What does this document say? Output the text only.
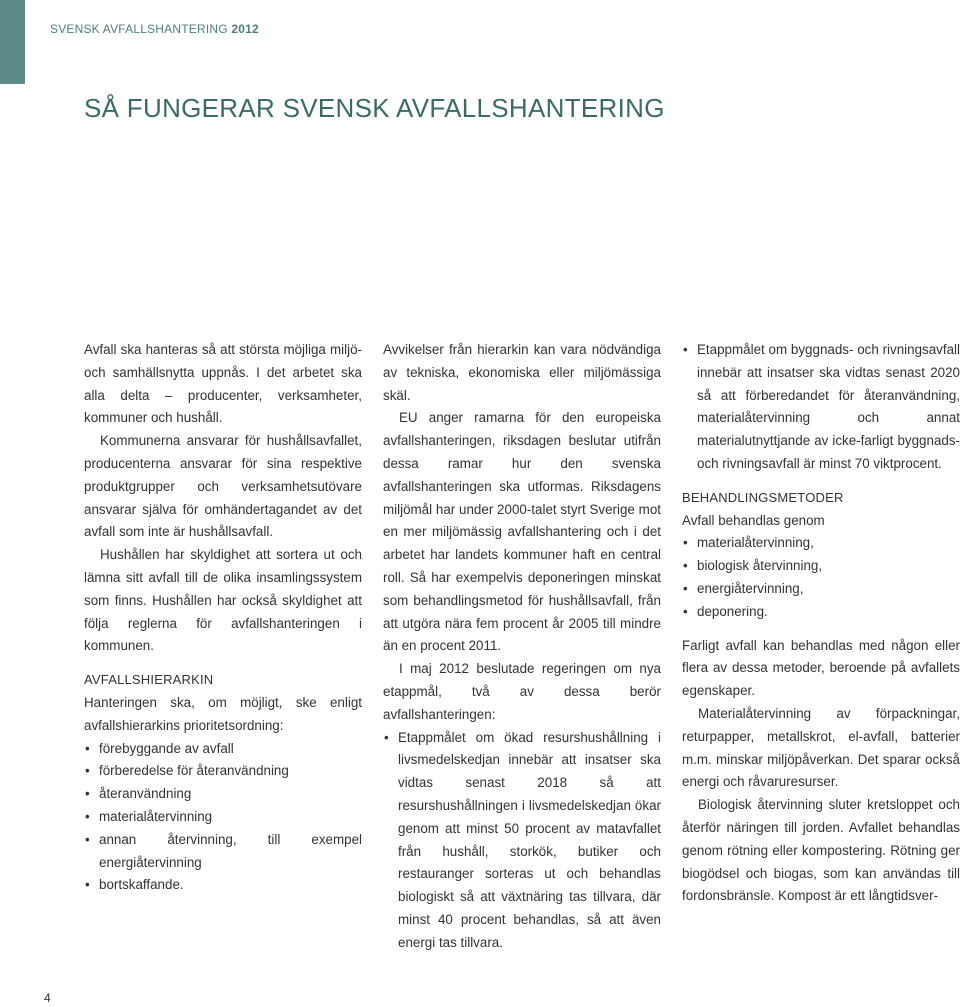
SVENSK AVFALLSHANTERING 2012
SÅ FUNGERAR SVENSK AVFALLSHANTERING

Avfall ska hanteras så att största möjliga miljö- och samhällsnytta uppnås. I det arbetet ska alla delta – producenter, verksamheter, kommuner och hushåll.

Kommunerna ansvarar för hushållsavfallet, producenterna ansvarar för sina respektive produktgrupper och verksamhetsutövare ansvarar själva för omhändertagandet av det avfall som inte är hushållsavfall.

Hushållen har skyldighet att sortera ut och lämna sitt avfall till de olika insamlingssystem som finns. Hushållen har också skyldighet att följa reglerna för avfallshanteringen i kommunen.

AVFALLSHIERARKIN

Hanteringen ska, om möjligt, ske enligt avfallshierarkins prioritetsordning:

• förebyggande av avfall
• förberedelse för återanvändning
• återanvändning
• materialåtervinning
• annan återvinning, till exempel energiåtervinning
• bortskaffande.

Avvikelser från hierarkin kan vara nödvändiga av tekniska, ekonomiska eller miljömässiga skäl.

EU anger ramarna för den europeiska avfallshanteringen, riksdagen beslutar utifrån dessa ramar hur den svenska avfallshanteringen ska utformas. Riksdagens miljömål har under 2000-talet styrt Sverige mot en mer miljömässig avfallshantering och i det arbetet har landets kommuner haft en central roll. Så har exempelvis deponeringen minskat som behandlingsmetod för hushållsavfall, från att utgöra nära fem procent år 2005 till mindre än en procent 2011.

I maj 2012 beslutade regeringen om nya etappmål, två av dessa berör avfallshanteringen:

• Etappmålet om ökad resurshushållning i livsmedelskedjan innebär att insatser ska vidtas senast 2018 så att resurshushållningen i livsmedelskedjan ökar genom att minst 50 procent av matavfallet från hushåll, storkök, butiker och restauranger sorteras ut och behandlas biologiskt så att växtnäring tas tillvara, där minst 40 procent behandlas, så att även energi tas tillvara.
• Etappmålet om byggnads- och rivningsavfall innebär att insatser ska vidtas senast 2020 så att förberedandet för återanvändning, materialåtervinning och annat materialutnyttjande av icke-farligt byggnads- och rivningsavfall är minst 70 viktprocent.
BEHANDLINGSMETODER

Avfall behandlas genom

• materialåtervinning,
• biologisk återvinning,
• energiåtervinning,
• deponering.

Farligt avfall kan behandlas med någon eller flera av dessa metoder, beroende på avfallets egenskaper.

Materialåtervinning av förpackningar, returpapper, metallskrot, el-avfall, batterier m.m. minskar miljöpåverkan. Det sparar också energi och råvaruresurser.

Biologisk återvinning sluter kretsloppet och återför näringen till jorden. Avfallet behandlas genom rötning eller kompostering. Rötning ger biogödsel och biogas, som kan användas till fordonsbränsle. Kompost är ett långtidsver-

4
